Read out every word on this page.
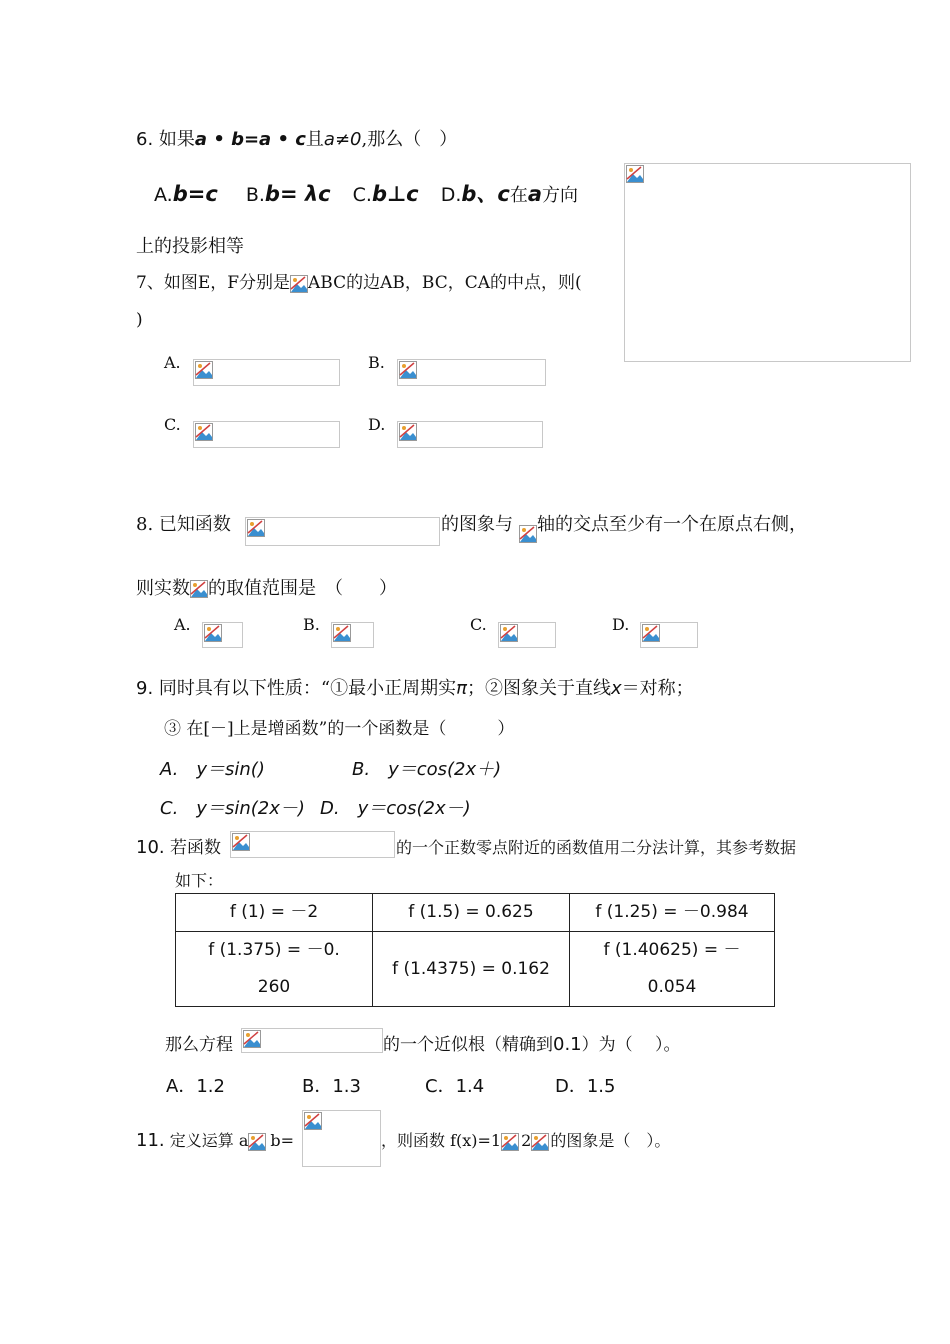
6. 如果a • b=a • c且a≠0,那么（　）
A.b=c B.b= λc C.b⊥c D.b、c在a方向
上的投影相等
7、如图E，F分别是 ABC的边AB，BC，CA的中点，则(
)
A.	B.
C.	D.
8. 已知函数	的图象与 轴的交点至少有一个在原点右侧，
则实数 的取值范围是　（　　）
A.	B.	C.	D.
9. 同时具有以下性质：“①最小正周期实π；②图象关于直线x＝对称；
③ 在[－]上是增函数”的一个函数是（　　　）
A.　y＝sin()	B.　y＝cos(2x＋)
C.　y＝sin(2x－) D.　y＝cos(2x－)
10. 若函数	的一个正数零点附近的函数值用二分法计算，其参考数据
如下：
f (1) = －2	f (1.5) = 0.625	f (1.25) = －0.984
f (1.375) = －0.260	f (1.4375) = 0.162	f (1.40625) = －0.054
那么方程	的一个近似根（精确到0.1）为（　 ）。
A．1.2	B．1.3	C．1.4	D．1.5
11. 定义运算 a b=	，则函数 f(x)=1 2
的图象是（　）。
